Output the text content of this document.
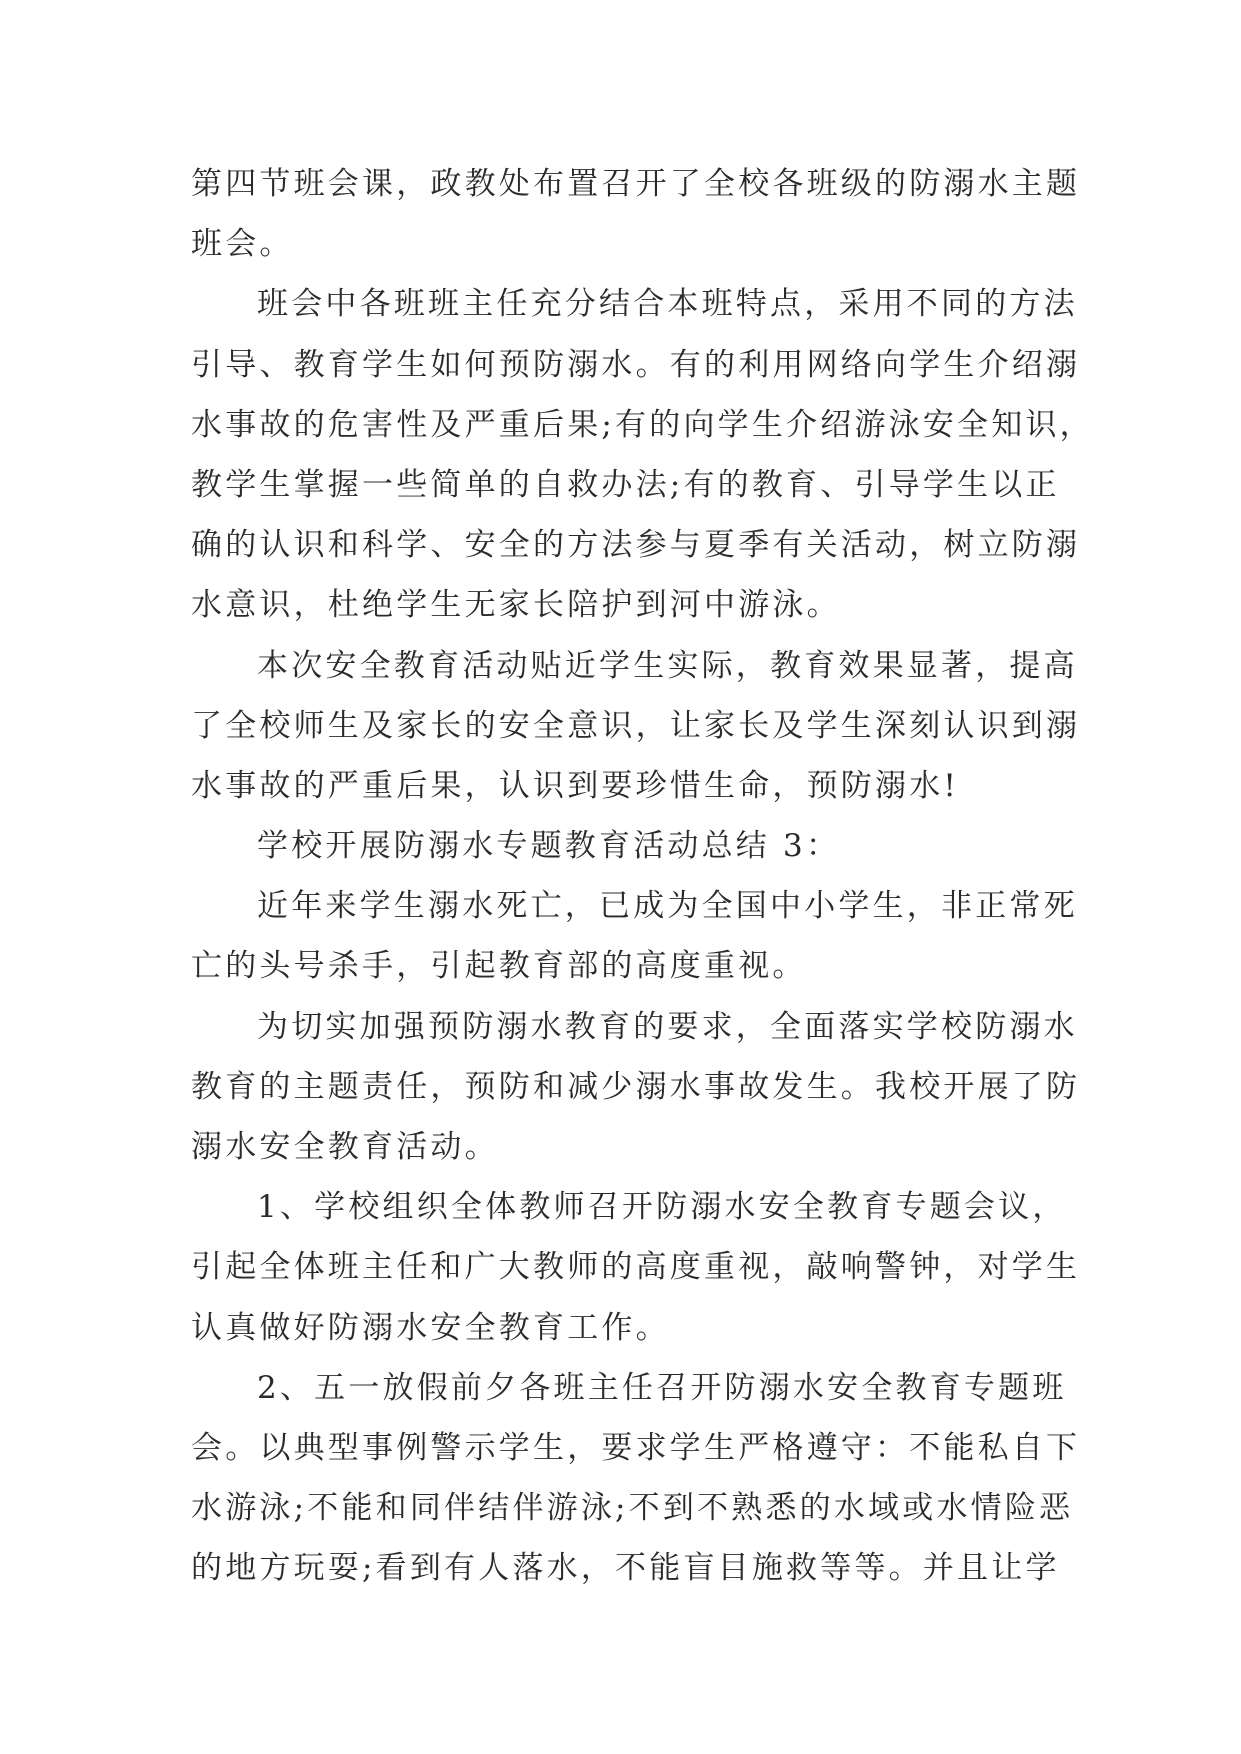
第四节班会课，政教处布置召开了全校各班级的防溺水主题
班会。
班会中各班班主任充分结合本班特点，采用不同的方法
引导、教育学生如何预防溺水。有的利用网络向学生介绍溺
水事故的危害性及严重后果;有的向学生介绍游泳安全知识，
教学生掌握一些简单的自救办法;有的教育、引导学生以正
确的认识和科学、安全的方法参与夏季有关活动，树立防溺
水意识，杜绝学生无家长陪护到河中游泳。
本次安全教育活动贴近学生实际，教育效果显著，提高
了全校师生及家长的安全意识，让家长及学生深刻认识到溺
水事故的严重后果，认识到要珍惜生命，预防溺水!
学校开展防溺水专题教育活动总结 3：
近年来学生溺水死亡，已成为全国中小学生，非正常死
亡的头号杀手，引起教育部的高度重视。
为切实加强预防溺水教育的要求，全面落实学校防溺水
教育的主题责任，预防和减少溺水事故发生。我校开展了防
溺水安全教育活动。
1、学校组织全体教师召开防溺水安全教育专题会议，
引起全体班主任和广大教师的高度重视，敲响警钟，对学生
认真做好防溺水安全教育工作。
2、五一放假前夕各班主任召开防溺水安全教育专题班
会。以典型事例警示学生，要求学生严格遵守：不能私自下
水游泳;不能和同伴结伴游泳;不到不熟悉的水域或水情险恶
的地方玩耍;看到有人落水，不能盲目施救等等。并且让学
